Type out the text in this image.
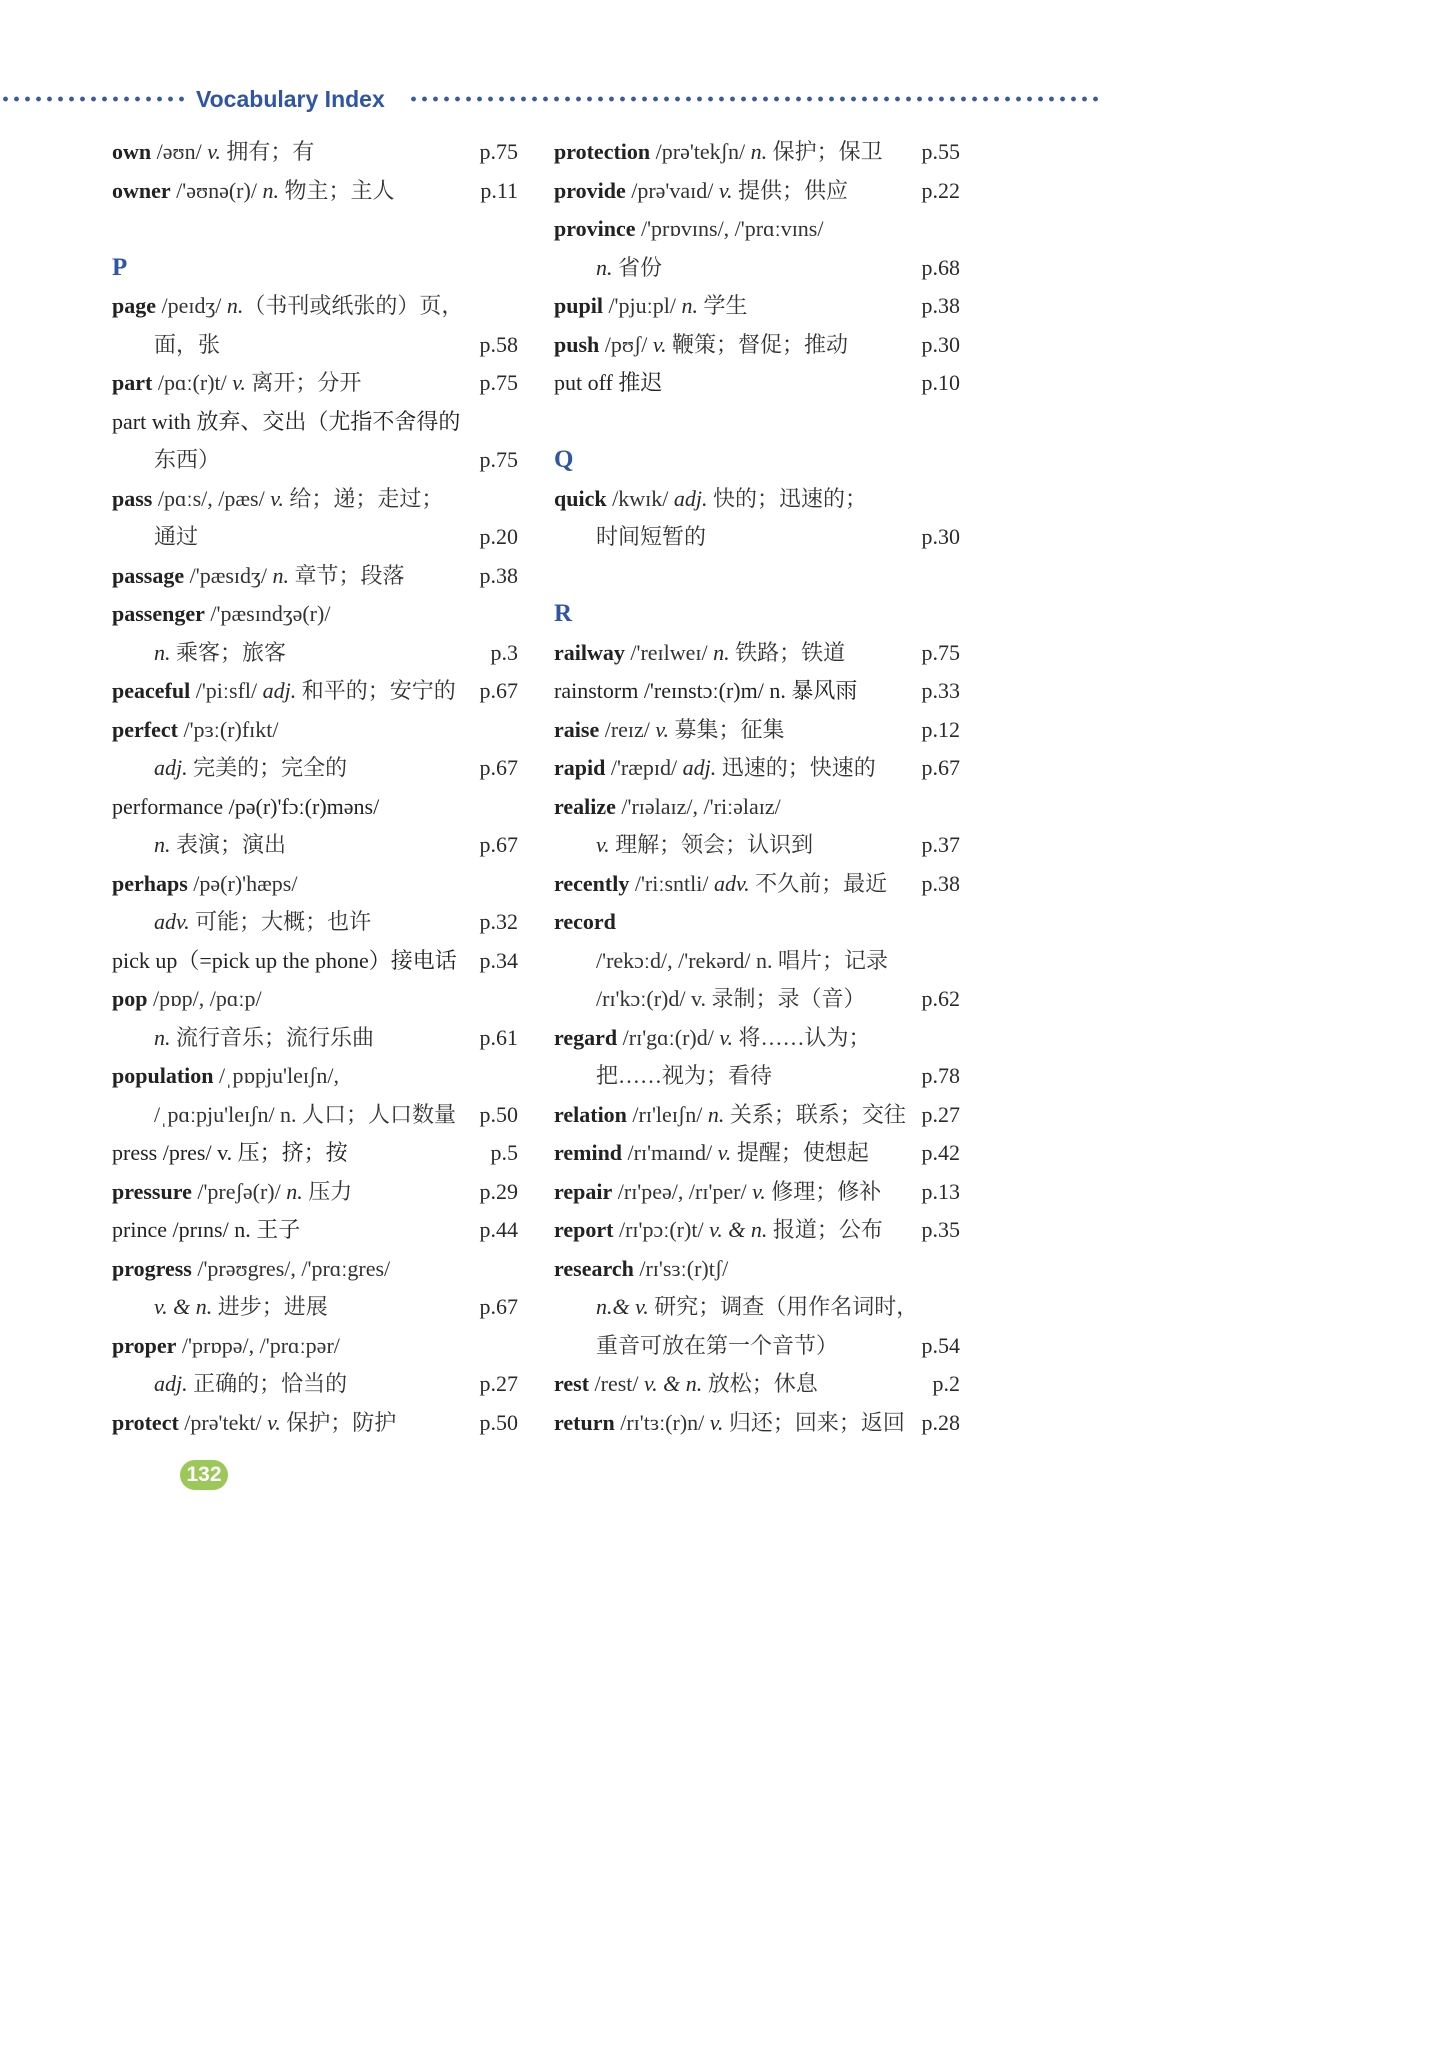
Vocabulary Index
own /əʊn/ v. 拥有；有	p.75
owner /'əʊnə(r)/ n. 物主；主人	p.11
P
page /peɪdʒ/ n.（书刊或纸张的）页，
面，张	p.58
part /pɑː(r)t/ v. 离开；分开	p.75
part with 放弃、交出（尤指不舍得的
东西）	p.75
pass /pɑːs/, /pæs/ v. 给；递；走过；
通过	p.20
passage /'pæsɪdʒ/ n. 章节；段落	p.38
passenger /'pæsɪndʒə(r)/
n. 乘客；旅客	p.3
peaceful /'piːsfl/ adj. 和平的；安宁的 p.67
perfect /'pɜː(r)fɪkt/
adj. 完美的；完全的	p.67
performance /pə(r)'fɔː(r)məns/
n. 表演；演出	p.67
perhaps /pə(r)'hæps/
adv. 可能；大概；也许	p.32
pick up（=pick up the phone）接电话 p.34
pop /pɒp/, /pɑːp/
n. 流行音乐；流行乐曲	p.61
population /ˌpɒpju'leɪʃn/,
/ˌpɑːpju'leɪʃn/ n. 人口；人口数量 p.50
press /pres/ v. 压；挤；按	p.5
pressure /'preʃə(r)/ n. 压力	p.29
prince /prɪns/ n. 王子	p.44
progress /'prəʊgres/, /'prɑːgres/
v. & n. 进步；进展	p.67
proper /'prɒpə/, /'prɑːpər/
adj. 正确的；恰当的	p.27
protect /prə'tekt/ v. 保护；防护	p.50
protection /prə'tekʃn/ n. 保护；保卫 p.55
provide /prə'vaɪd/ v. 提供；供应	p.22
province /'prɒvɪns/, /'prɑːvɪns/
n. 省份	p.68
pupil /'pjuːpl/ n. 学生	p.38
push /pʊʃ/ v. 鞭策；督促；推动	p.30
put off 推迟	p.10
Q
quick /kwɪk/ adj. 快的；迅速的；
时间短暂的	p.30
R
railway /'reɪlweɪ/ n. 铁路；铁道	p.75
rainstorm /'reɪnstɔː(r)m/ n. 暴风雨	p.33
raise /reɪz/ v. 募集；征集	p.12
rapid /'ræpɪd/ adj. 迅速的；快速的 p.67
realize /'rɪəlaɪz/, /'riːəlaɪz/
v. 理解；领会；认识到	p.37
recently /'riːsntli/ adv. 不久前；最近 p.38
record
/'rekɔːd/, /'rekərd/ n. 唱片；记录
/rɪ'kɔː(r)d/ v. 录制；录（音）	p.62
regard /rɪ'gɑː(r)d/ v. 将……认为；
把……视为；看待	p.78
relation /rɪ'leɪʃn/ n. 关系；联系；交往 p.27
remind /rɪ'maɪnd/ v. 提醒；使想起 p.42
repair /rɪ'peə/, /rɪ'per/ v. 修理；修补 p.13
report /rɪ'pɔː(r)t/ v. & n. 报道；公布 p.35
research /rɪ'sɜː(r)tʃ/
n.& v. 研究；调查（用作名词时，
重音可放在第一个音节）	p.54
rest /rest/ v. & n. 放松；休息	p.2
return /rɪ'tɜː(r)n/ v. 归还；回来；返回 p.28
132
